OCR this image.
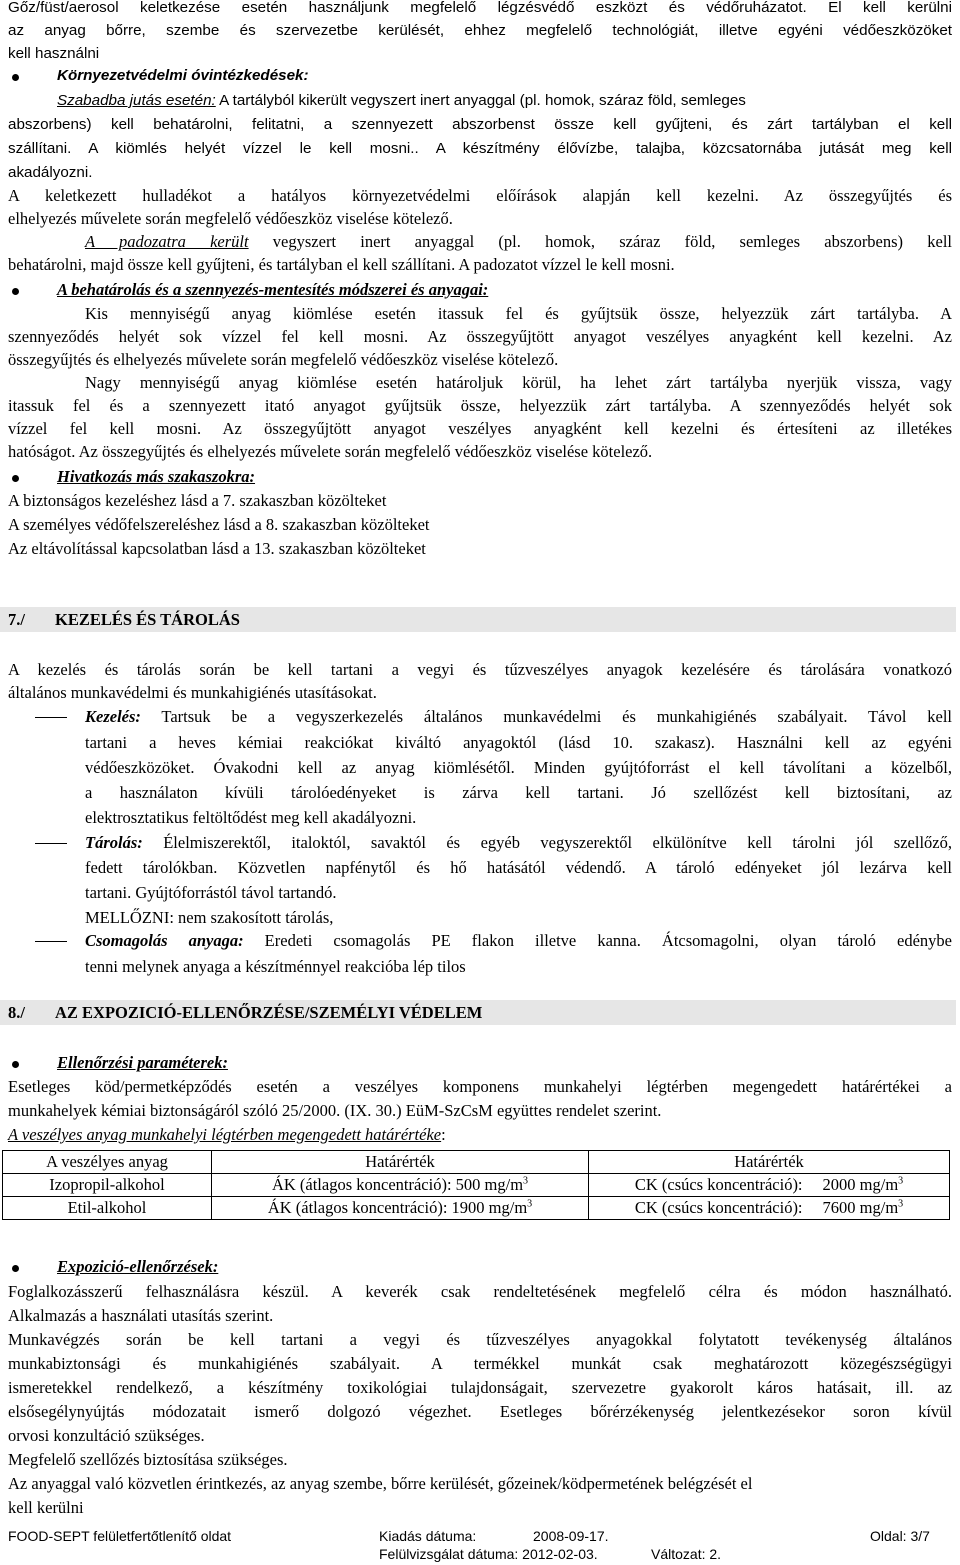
Gőz/füst/aerosol keletkezése esetén használjunk megfelelő légzésvédő eszközt és védőruházatot. El kell kerülni
az anyag bőrre, szembe és szervezetbe kerülését, ehhez megfelelő technológiát, illetve egyéni védőeszközöket
kell használni
Környezetvédelmi óvintézkedések:
Szabadba jutás esetén: A tartályból kikerült vegyszert inert anyaggal (pl. homok, száraz föld, semleges
abszorbens) kell behatárolni, felitatni, a szennyezett abszorbenst össze kell gyűjteni, és zárt tartályban el kell
szállítani. A kiömlés helyét vízzel le kell mosni.. A készítmény élővízbe, talajba, közcsatornába jutását meg kell
akadályozni.
A keletkezett hulladékot a hatályos környezetvédelmi előírások alapján kell kezelni. Az összegyűjtés és
elhelyezés művelete során megfelelő védőeszköz viselése kötelező.
A padozatra került vegyszert inert anyaggal (pl. homok, száraz föld, semleges abszorbens) kell
behatárolni, majd össze kell gyűjteni, és tartályban el kell szállítani. A padozatot vízzel le kell mosni.
A behatárolás és a szennyezés-mentesítés módszerei és anyagai:
Kis mennyiségű anyag kiömlése esetén itassuk fel és gyűjtsük össze, helyezzük zárt tartályba. A
szennyeződés helyét sok vízzel fel kell mosni. Az összegyűjtött anyagot veszélyes anyagként kell kezelni. Az
összegyűjtés és elhelyezés művelete során megfelelő védőeszköz viselése kötelező.
Nagy mennyiségű anyag kiömlése esetén határoljuk körül, ha lehet zárt tartályba nyerjük vissza, vagy
itassuk fel és a szennyezett itató anyagot gyűjtsük össze, helyezzük zárt tartályba. A szennyeződés helyét sok
vízzel fel kell mosni. Az összegyűjtött anyagot veszélyes anyagként kell kezelni és értesíteni az illetékes
hatóságot. Az összegyűjtés és elhelyezés művelete során megfelelő védőeszköz viselése kötelező.
Hivatkozás más szakaszokra:
A biztonságos kezeléshez lásd a 7. szakaszban közölteket
A személyes védőfelszereléshez lásd a 8. szakaszban közölteket
Az eltávolítással kapcsolatban lásd a 13. szakaszban közölteket
7./ KEZELÉS ÉS TÁROLÁS
A kezelés és tárolás során be kell tartani a vegyi és tűzveszélyes anyagok kezelésére és tárolására vonatkozó
általános munkavédelmi és munkahigiénés utasításokat.
Kezelés: Tartsuk be a vegyszerkezelés általános munkavédelmi és munkahigiénés szabályait. Távol kell
tartani a heves kémiai reakciókat kiváltó anyagoktól (lásd 10. szakasz). Használni kell az egyéni
védőeszközöket. Óvakodni kell az anyag kiömlésétől. Minden gyújtóforrást el kell távolítani a közelből,
a használaton kívüli tárolóedényeket is zárva kell tartani. Jó szellőzést kell biztosítani, az
elektrosztatikus feltöltődést meg kell akadályozni.
Tárolás: Élelmiszerektől, italoktól, savaktól és egyéb vegyszerektől elkülönítve kell tárolni jól szellőző,
fedett tárolókban. Közvetlen napfénytől és hő hatásától védendő. A tároló edényeket jól lezárva kell
tartani. Gyújtóforrástól távol tartandó.
MELLŐZNI: nem szakosított tárolás,
Csomagolás anyaga: Eredeti csomagolás PE flakon illetve kanna. Átcsomagolni, olyan tároló edénybe
tenni melynek anyaga a készítménnyel reakcióba lép tilos
8./ AZ EXPOZICIÓ-ELLENŐRZÉSE/SZEMÉLYI VÉDELEM
Ellenőrzési paraméterek:
Esetleges köd/permetképződés esetén a veszélyes komponens munkahelyi légtérben megengedett határértékei a
munkahelyek kémiai biztonságáról szóló 25/2000. (IX. 30.) EüM-SzCsM együttes rendelet szerint.
A veszélyes anyag munkahelyi légtérben megengedett határértéke:
A veszélyes anyag	Határérték	Határérték
Izopropil-alkohol	ÁK (átlagos koncentráció): 500 $mg/m^3$	CK (csúcs koncentráció): 2000 $mg/m^3$
Etil-alkohol	ÁK (átlagos koncentráció): 1900 $mg/m^3$	CK (csúcs koncentráció): 7600 $mg/m^3$
Expozició-ellenőrzések:
Foglalkozásszerű felhasználásra készül. A keverék csak rendeltetésének megfelelő célra és módon használható.
Alkalmazás a használati utasítás szerint.
Munkavégzés során be kell tartani a vegyi és tűzveszélyes anyagokkal folytatott tevékenység általános
munkabiztonsági és munkahigiénés szabályait. A termékkel munkát csak meghatározott közegészségügyi
ismeretekkel rendelkező, a készítmény toxikológiai tulajdonságait, szervezetre gyakorolt káros hatásait, ill. az
elsősegélynyújtás módozatait ismerő dolgozó végezhet. Esetleges bőrérzékenység jelentkezésekor soron kívül
orvosi konzultáció szükséges.
Megfelelő szellőzés biztosítása szükséges.
Az anyaggal való közvetlen érintkezés, az anyag szembe, bőrre kerülését, gőzeinek/ködpermetének belégzését el
kell kerülni
FOOD-SEPT felületfertőtlenítő oldat	Kiadás dátuma:	2008-09-17.	Oldal: 3/7
Felülvizsgálat dátuma: 2012-02-03.	Változat: 2.
